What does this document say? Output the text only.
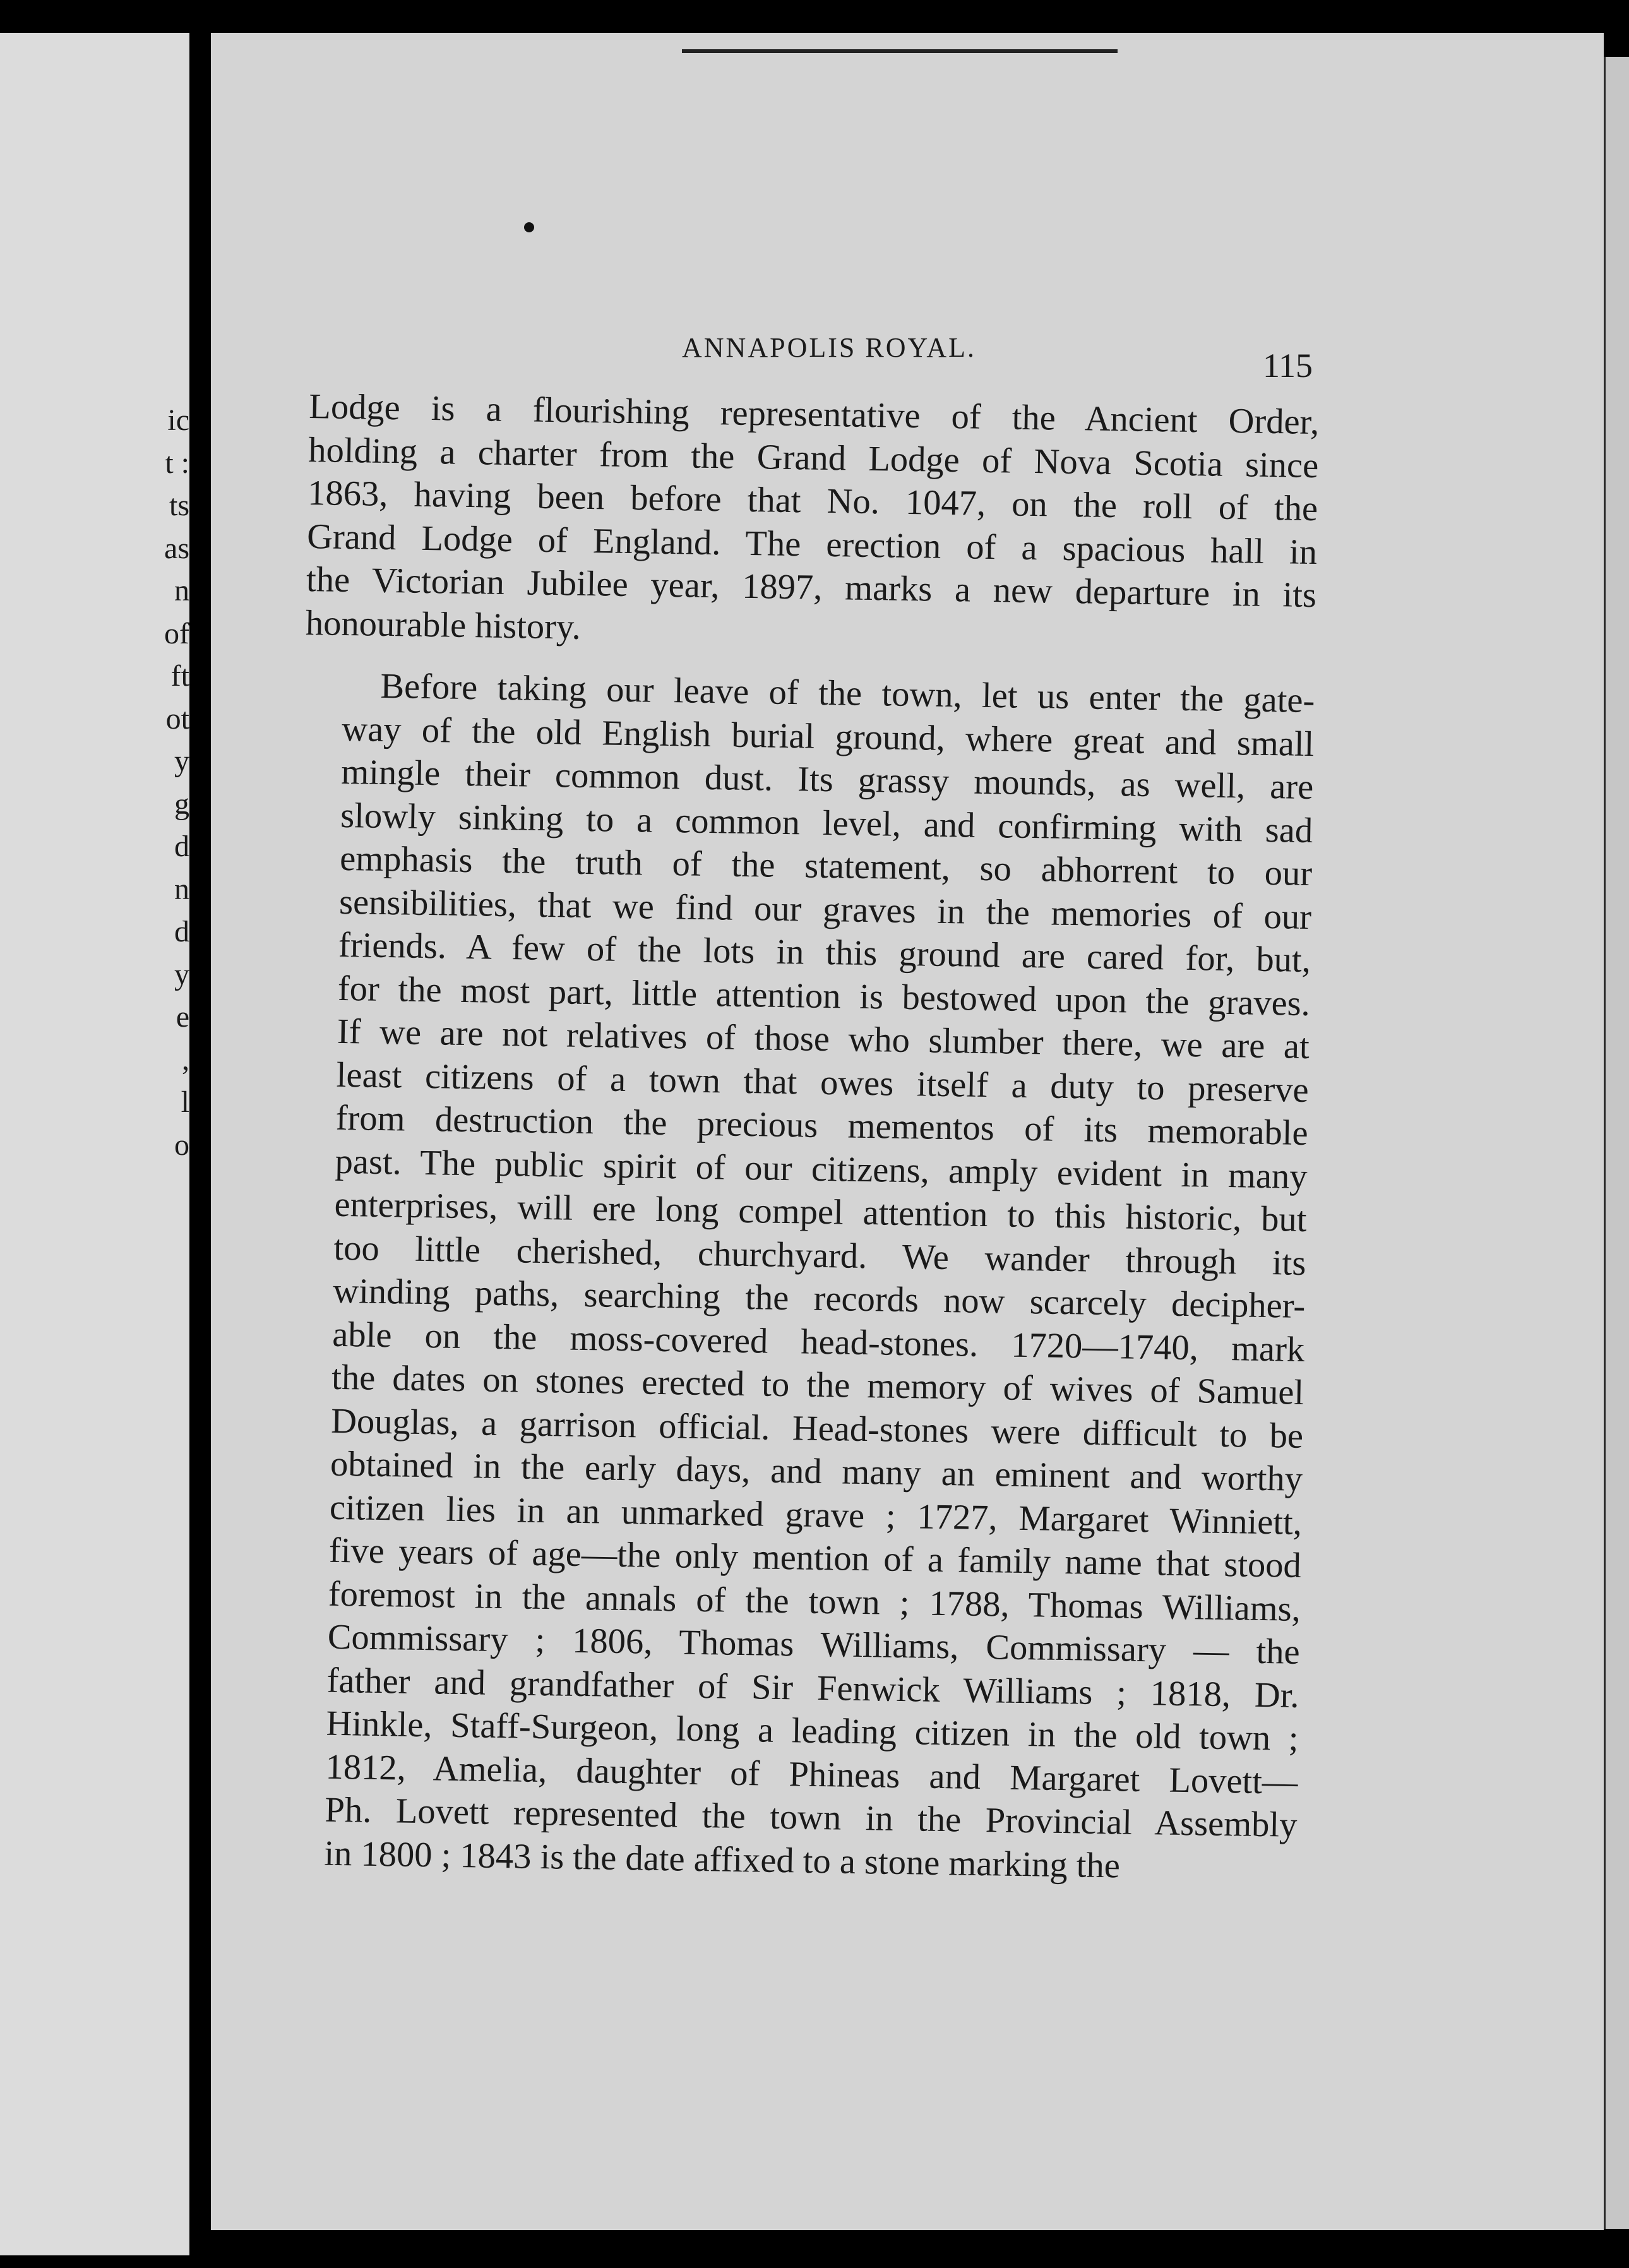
ic
t :
ts
as
n
of
ft
ot
y
g
d
n
d
y
e
,
l
o
ANNAPOLIS ROYAL.	115
Lodge is a flourishing representative of the Ancient Order,
holding a charter from the Grand Lodge of Nova Scotia since
1863, having been before that No. 1047, on the roll of the
Grand Lodge of England. The erection of a spacious hall in
the Victorian Jubilee year, 1897, marks a new departure in its
honourable history.
Before taking our leave of the town, let us enter the gate-
way of the old English burial ground, where great and small
mingle their common dust. Its grassy mounds, as well, are
slowly sinking to a common level, and confirming with sad
emphasis the truth of the statement, so abhorrent to our
sensibilities, that we find our graves in the memories of our
friends. A few of the lots in this ground are cared for, but,
for the most part, little attention is bestowed upon the graves.
If we are not relatives of those who slumber there, we are at
least citizens of a town that owes itself a duty to preserve
from destruction the precious mementos of its memorable
past. The public spirit of our citizens, amply evident in many
enterprises, will ere long compel attention to this historic, but
too little cherished, churchyard. We wander through its
winding paths, searching the records now scarcely decipher-
able on the moss-covered head-stones. 1720—1740, mark
the dates on stones erected to the memory of wives of Samuel
Douglas, a garrison official. Head-stones were difficult to be
obtained in the early days, and many an eminent and worthy
citizen lies in an unmarked grave ; 1727, Margaret Winniett,
five years of age—the only mention of a family name that stood
foremost in the annals of the town ; 1788, Thomas Williams,
Commissary ; 1806, Thomas Williams, Commissary — the
father and grandfather of Sir Fenwick Williams ; 1818, Dr.
Hinkle, Staff-Surgeon, long a leading citizen in the old town ;
1812, Amelia, daughter of Phineas and Margaret Lovett—
Ph. Lovett represented the town in the Provincial Assembly
in 1800 ; 1843 is the date affixed to a stone marking the
